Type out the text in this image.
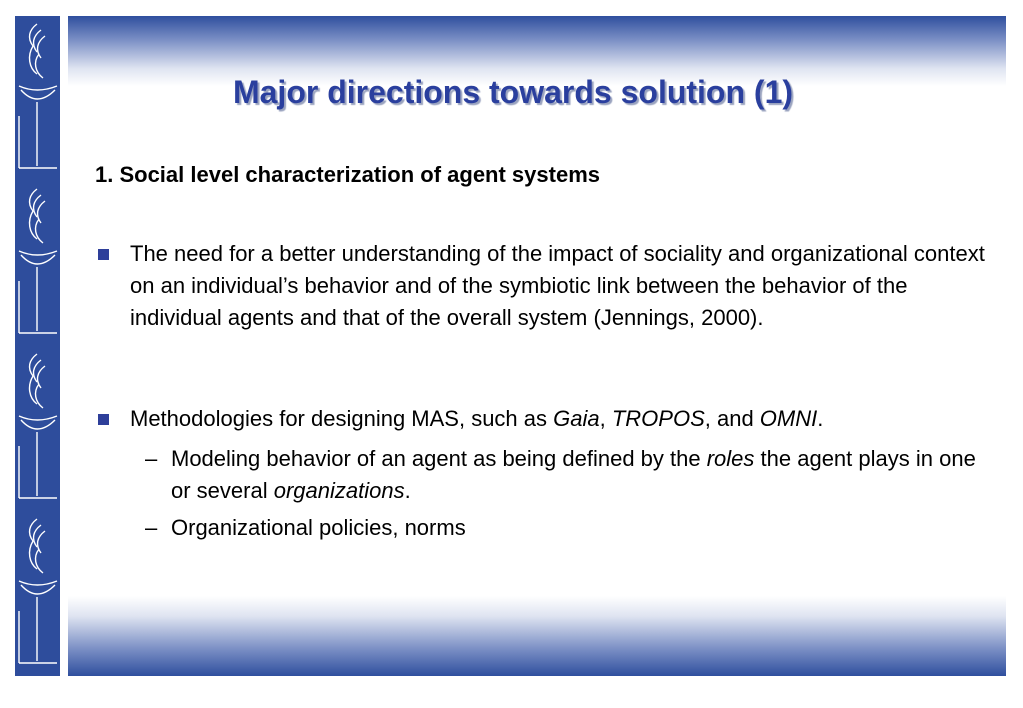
Major directions towards solution (1)

1. Social level characterization of agent systems

The need for a better understanding of the impact of sociality and organizational context on an individual’s behavior and of the symbiotic link between the behavior of the individual agents and that of the overall system (Jennings, 2000).
Methodologies for designing MAS, such as Gaia, TROPOS, and OMNI.
– Modeling behavior of an agent as being defined by the roles the agent plays in one or several organizations.
– Organizational policies, norms
